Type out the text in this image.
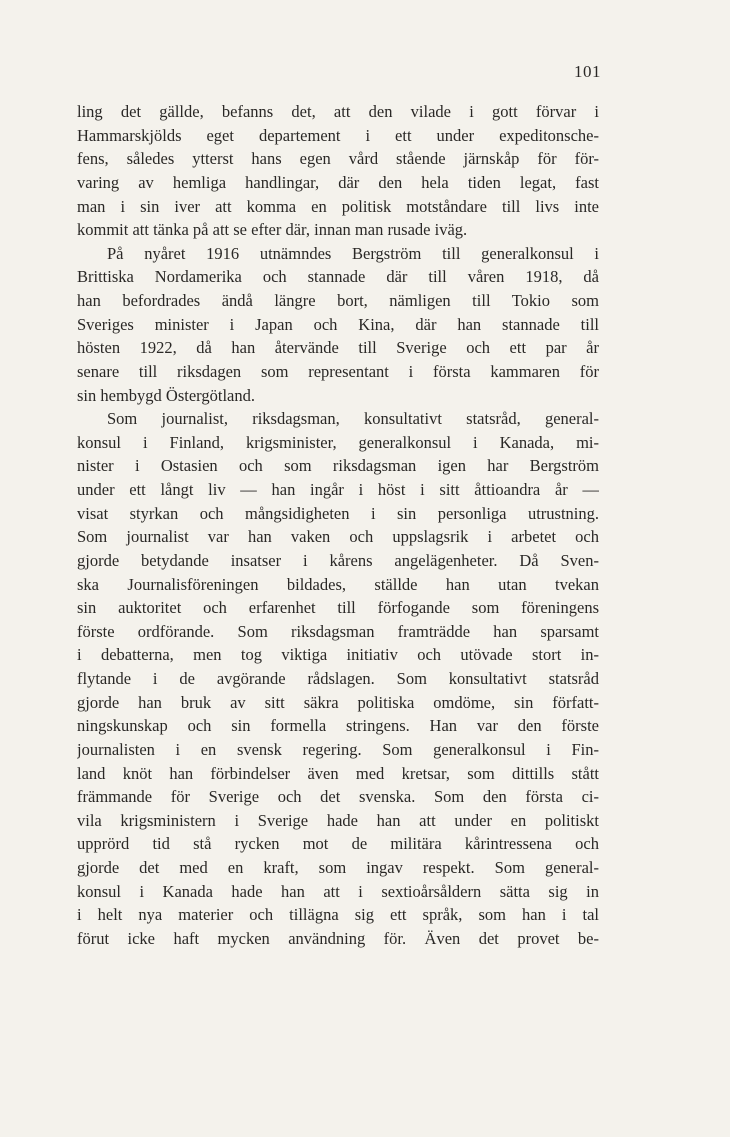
101
ling det gällde, befanns det, att den vilade i gott förvar i
Hammarskjölds eget departement i ett under expeditonsche-
fens, således ytterst hans egen vård stående järnskåp för för-
varing av hemliga handlingar, där den hela tiden legat, fast
man i sin iver att komma en politisk motståndare till livs inte
kommit att tänka på att se efter där, innan man rusade iväg.
På nyåret 1916 utnämndes Bergström till generalkonsul i
Brittiska Nordamerika och stannade där till våren 1918, då
han befordrades ändå längre bort, nämligen till Tokio som
Sveriges minister i Japan och Kina, där han stannade till
hösten 1922, då han återvände till Sverige och ett par år
senare till riksdagen som representant i första kammaren för
sin hembygd Östergötland.
Som journalist, riksdagsman, konsultativt statsråd, general-
konsul i Finland, krigsminister, generalkonsul i Kanada, mi-
nister i Ostasien och som riksdagsman igen har Bergström
under ett långt liv — han ingår i höst i sitt åttioandra år —
visat styrkan och mångsidigheten i sin personliga utrustning.
Som journalist var han vaken och uppslagsrik i arbetet och
gjorde betydande insatser i kårens angelägenheter. Då Sven-
ska Journalisföreningen bildades, ställde han utan tvekan
sin auktoritet och erfarenhet till förfogande som föreningens
förste ordförande. Som riksdagsman framträdde han sparsamt
i debatterna, men tog viktiga initiativ och utövade stort in-
flytande i de avgörande rådslagen. Som konsultativt statsråd
gjorde han bruk av sitt säkra politiska omdöme, sin författ-
ningskunskap och sin formella stringens. Han var den förste
journalisten i en svensk regering. Som generalkonsul i Fin-
land knöt han förbindelser även med kretsar, som dittills stått
främmande för Sverige och det svenska. Som den första ci-
vila krigsministern i Sverige hade han att under en politiskt
upprörd tid stå rycken mot de militära kårintressena och
gjorde det med en kraft, som ingav respekt. Som general-
konsul i Kanada hade han att i sextioårsåldern sätta sig in
i helt nya materier och tillägna sig ett språk, som han i tal
förut icke haft mycken användning för. Även det provet be-
